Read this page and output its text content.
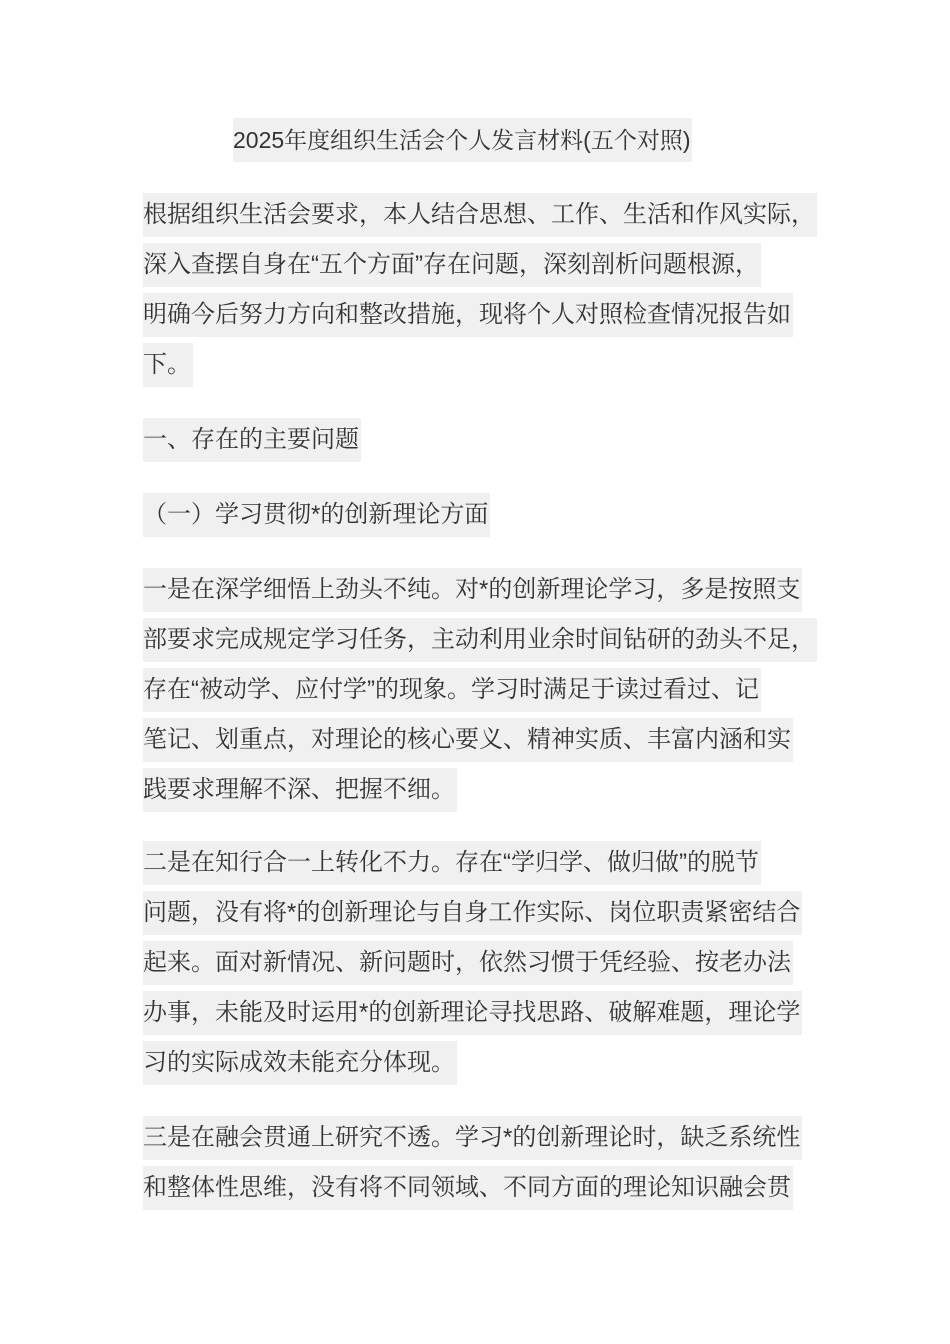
2025年度组织生活会个人发言材料(五个对照)
根据组织生活会要求，本人结合思想、工作、生活和作风实际，
深入查摆自身在“五个方面”存在问题，深刻剖析问题根源，
明确今后努力方向和整改措施，现将个人对照检查情况报告如
下。
一、存在的主要问题
（一）学习贯彻*的创新理论方面
一是在深学细悟上劲头不纯。对*的创新理论学习，多是按照支
部要求完成规定学习任务，主动利用业余时间钻研的劲头不足，
存在“被动学、应付学”的现象。学习时满足于读过看过、记
笔记、划重点，对理论的核心要义、精神实质、丰富内涵和实
践要求理解不深、把握不细。
二是在知行合一上转化不力。存在“学归学、做归做”的脱节
问题，没有将*的创新理论与自身工作实际、岗位职责紧密结合
起来。面对新情况、新问题时，依然习惯于凭经验、按老办法
办事，未能及时运用*的创新理论寻找思路、破解难题，理论学
习的实际成效未能充分体现。
三是在融会贯通上研究不透。学习*的创新理论时，缺乏系统性
和整体性思维，没有将不同领域、不同方面的理论知识融会贯
